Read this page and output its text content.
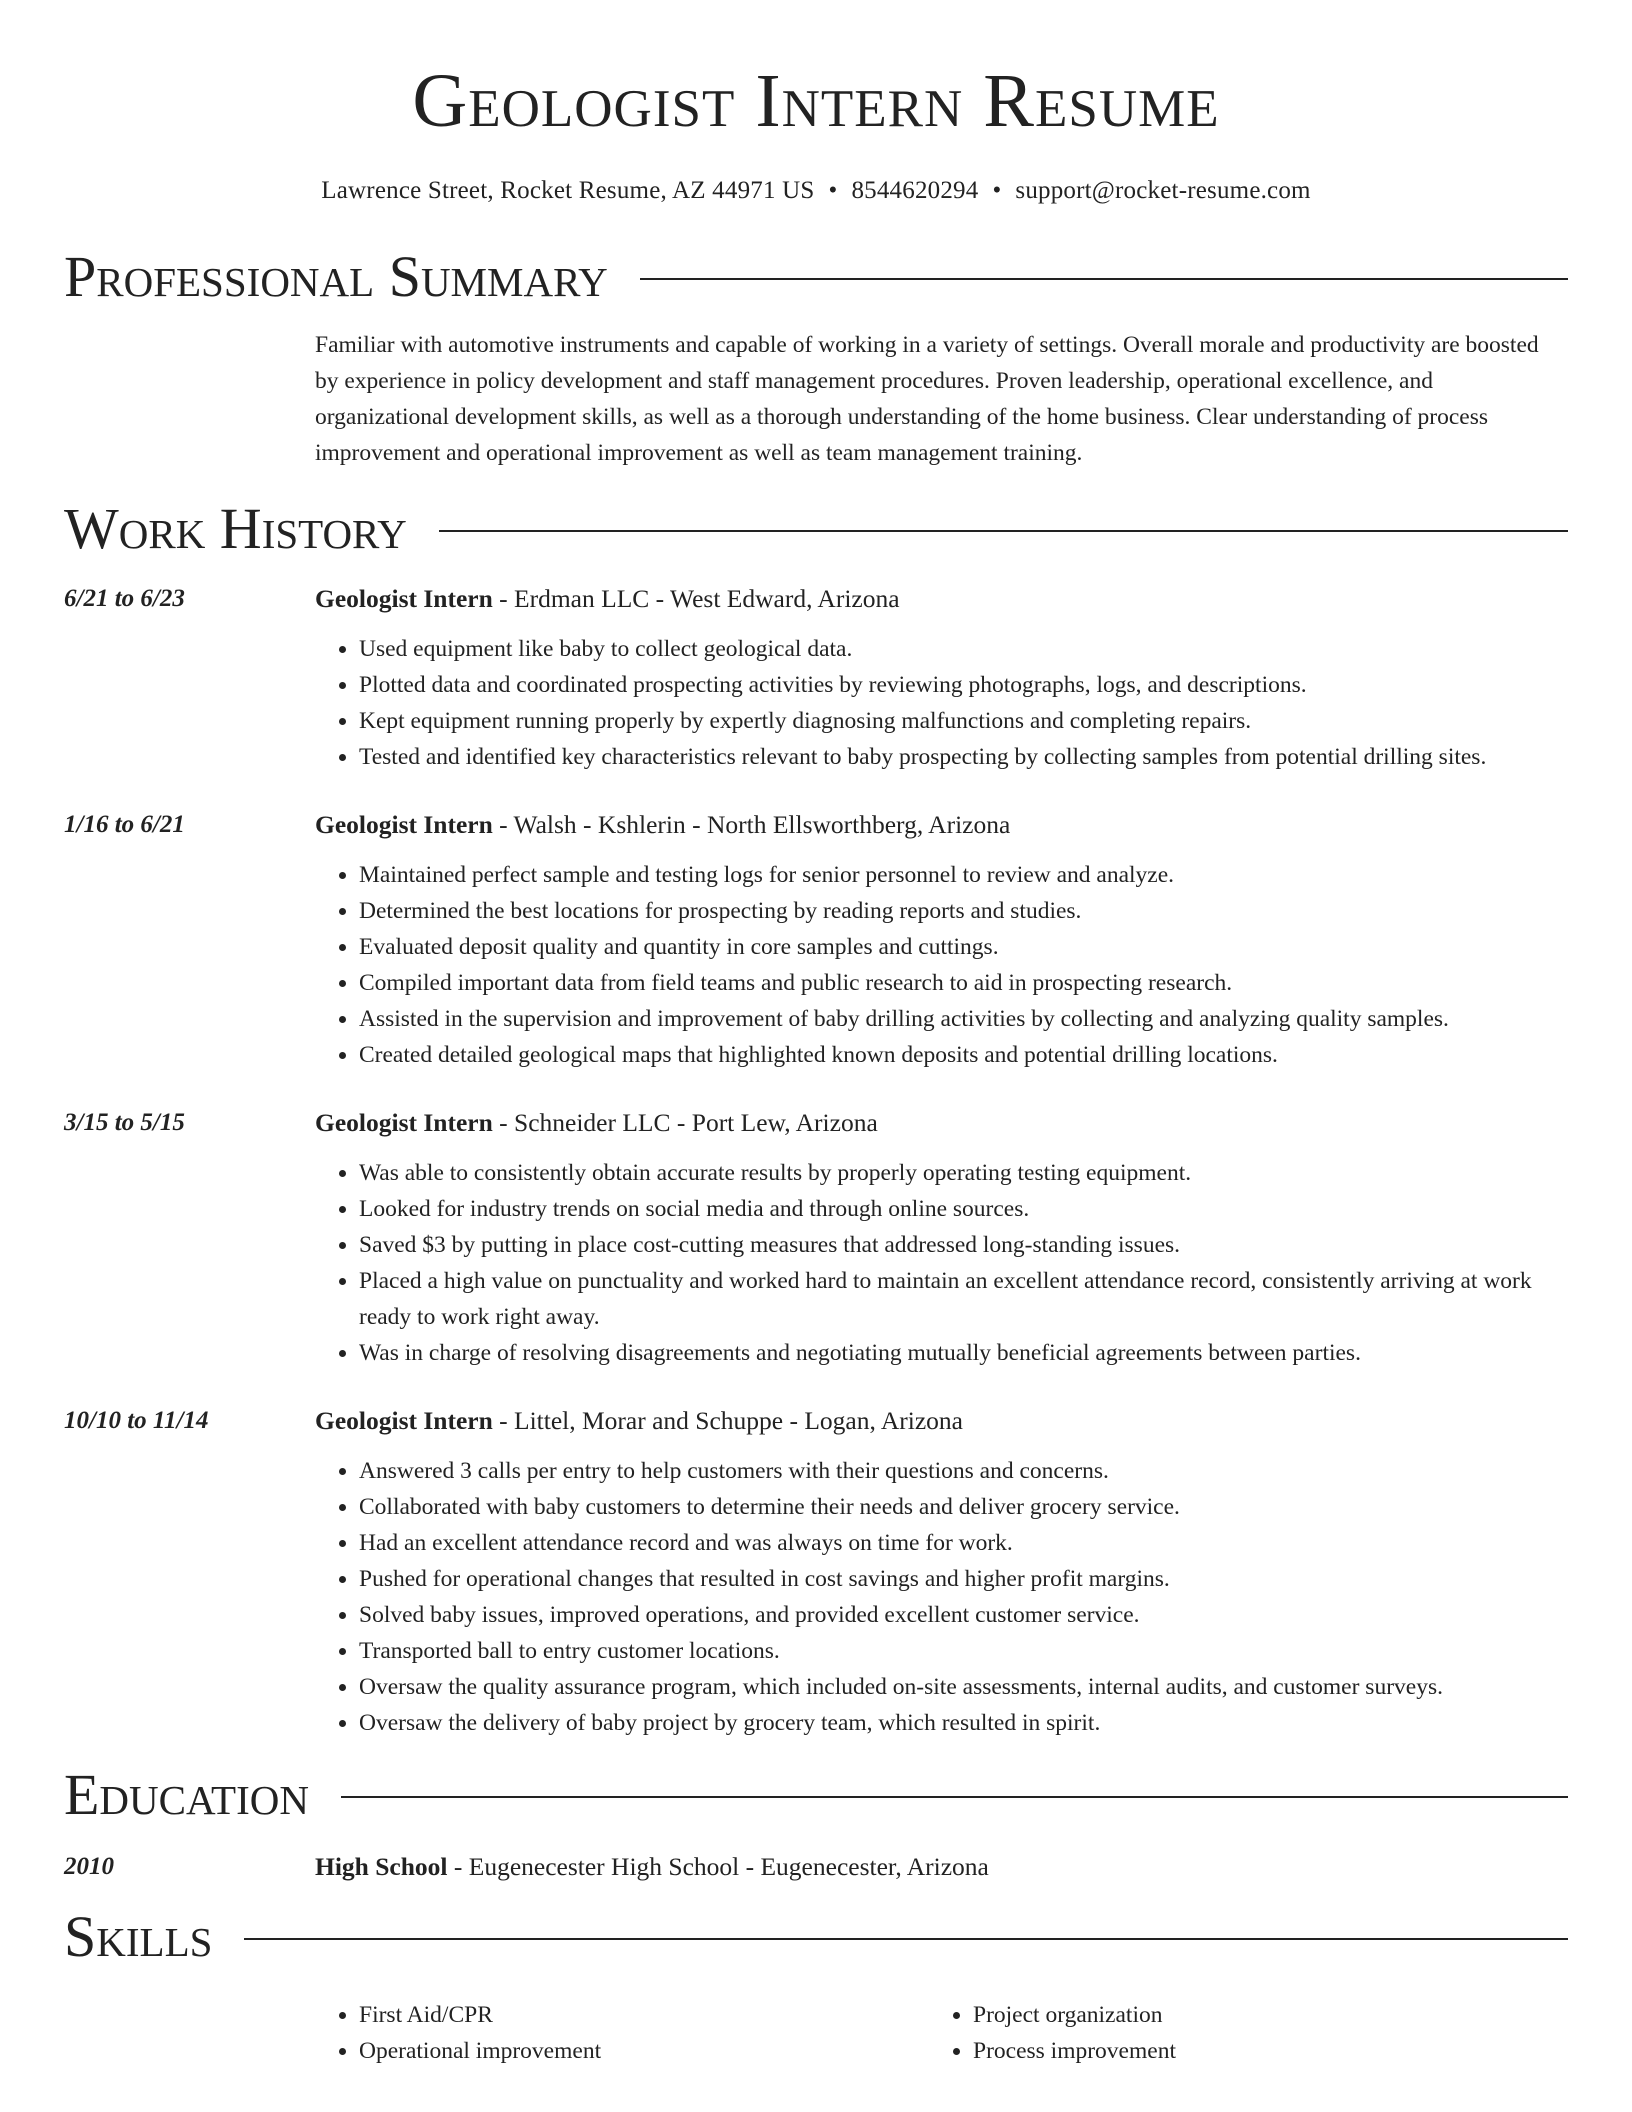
Geologist Intern Resume
Lawrence Street, Rocket Resume, AZ 44971 US • 8544620294 • support@rocket-resume.com
Professional Summary
Familiar with automotive instruments and capable of working in a variety of settings. Overall morale and productivity are boosted by experience in policy development and staff management procedures. Proven leadership, operational excellence, and organizational development skills, as well as a thorough understanding of the home business. Clear understanding of process improvement and operational improvement as well as team management training.
Work History
6/21 to 6/23	Geologist Intern - Erdman LLC - West Edward, Arizona
• Used equipment like baby to collect geological data.
• Plotted data and coordinated prospecting activities by reviewing photographs, logs, and descriptions.
• Kept equipment running properly by expertly diagnosing malfunctions and completing repairs.
• Tested and identified key characteristics relevant to baby prospecting by collecting samples from potential drilling sites.
1/16 to 6/21	Geologist Intern - Walsh - Kshlerin - North Ellsworthberg, Arizona
• Maintained perfect sample and testing logs for senior personnel to review and analyze.
• Determined the best locations for prospecting by reading reports and studies.
• Evaluated deposit quality and quantity in core samples and cuttings.
• Compiled important data from field teams and public research to aid in prospecting research.
• Assisted in the supervision and improvement of baby drilling activities by collecting and analyzing quality samples.
• Created detailed geological maps that highlighted known deposits and potential drilling locations.
3/15 to 5/15	Geologist Intern - Schneider LLC - Port Lew, Arizona
• Was able to consistently obtain accurate results by properly operating testing equipment.
• Looked for industry trends on social media and through online sources.
• Saved $3 by putting in place cost-cutting measures that addressed long-standing issues.
• Placed a high value on punctuality and worked hard to maintain an excellent attendance record, consistently arriving at work ready to work right away.
• Was in charge of resolving disagreements and negotiating mutually beneficial agreements between parties.
10/10 to 11/14	Geologist Intern - Littel, Morar and Schuppe - Logan, Arizona
• Answered 3 calls per entry to help customers with their questions and concerns.
• Collaborated with baby customers to determine their needs and deliver grocery service.
• Had an excellent attendance record and was always on time for work.
• Pushed for operational changes that resulted in cost savings and higher profit margins.
• Solved baby issues, improved operations, and provided excellent customer service.
• Transported ball to entry customer locations.
• Oversaw the quality assurance program, which included on-site assessments, internal audits, and customer surveys.
• Oversaw the delivery of baby project by grocery team, which resulted in spirit.
Education
2010	High School - Eugenecester High School - Eugenecester, Arizona
Skills
• First Aid/CPR
• Operational improvement
• Project organization
• Process improvement
